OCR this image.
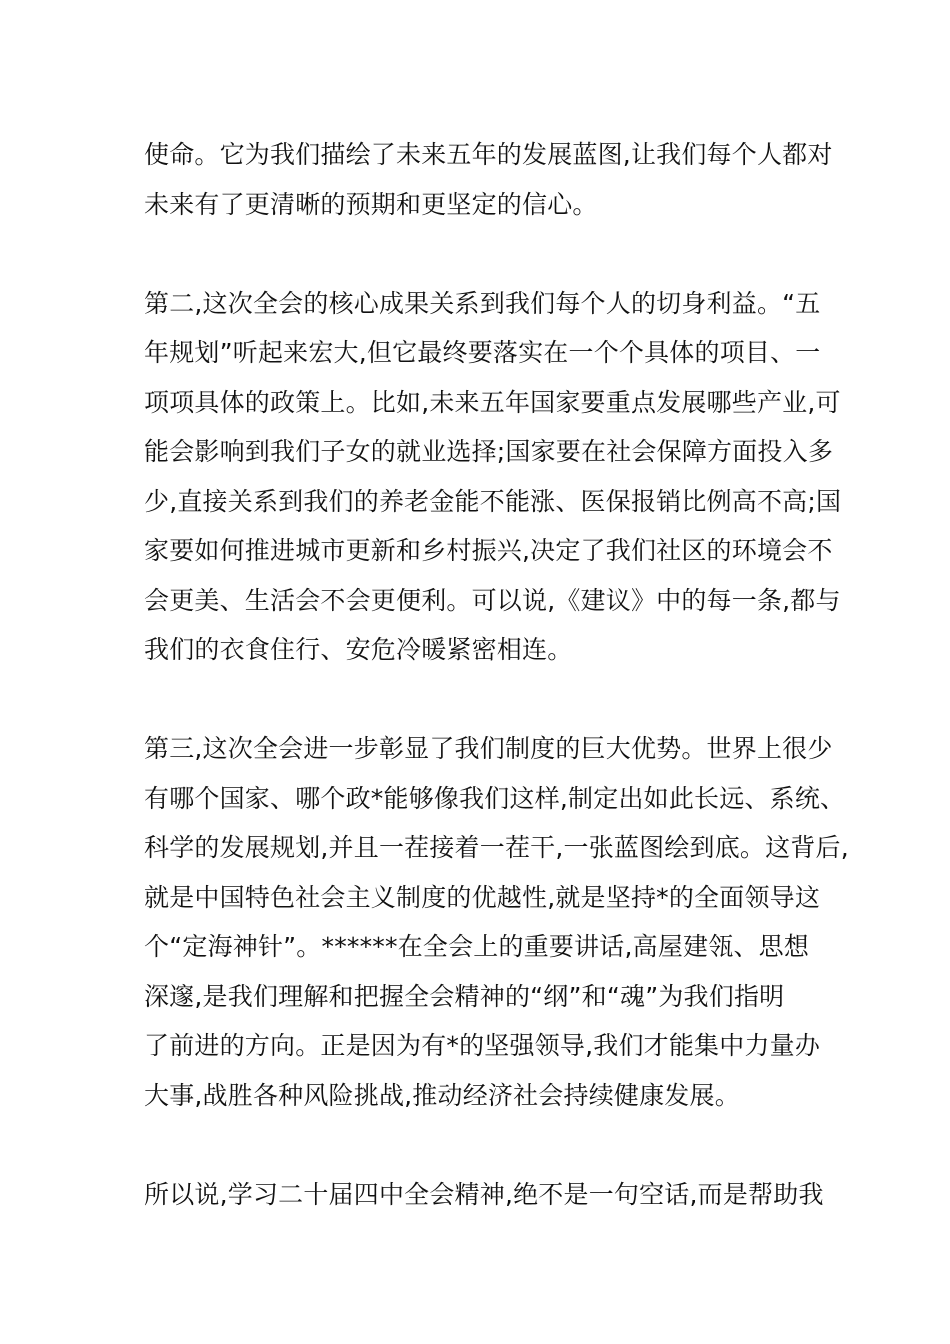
使命。它为我们描绘了未来五年的发展蓝图,让我们每个人都对
未来有了更清晰的预期和更坚定的信心。

第二,这次全会的核心成果关系到我们每个人的切身利益。“五
年规划”听起来宏大,但它最终要落实在一个个具体的项目、一
项项具体的政策上。比如,未来五年国家要重点发展哪些产业,可
能会影响到我们子女的就业选择;国家要在社会保障方面投入多
少,直接关系到我们的养老金能不能涨、医保报销比例高不高;国
家要如何推进城市更新和乡村振兴,决定了我们社区的环境会不
会更美、生活会不会更便利。可以说,《建议》中的每一条,都与
我们的衣食住行、安危冷暖紧密相连。

第三,这次全会进一步彰显了我们制度的巨大优势。世界上很少
有哪个国家、哪个政*能够像我们这样,制定出如此长远、系统、
科学的发展规划,并且一茬接着一茬干,一张蓝图绘到底。这背后,
就是中国特色社会主义制度的优越性,就是坚持*的全面领导这
个“定海神针”。******在全会上的重要讲话,高屋建瓴、思想
深邃,是我们理解和把握全会精神的“纲”和“魂”为我们指明
了前进的方向。正是因为有*的坚强领导,我们才能集中力量办
大事,战胜各种风险挑战,推动经济社会持续健康发展。

所以说,学习二十届四中全会精神,绝不是一句空话,而是帮助我
